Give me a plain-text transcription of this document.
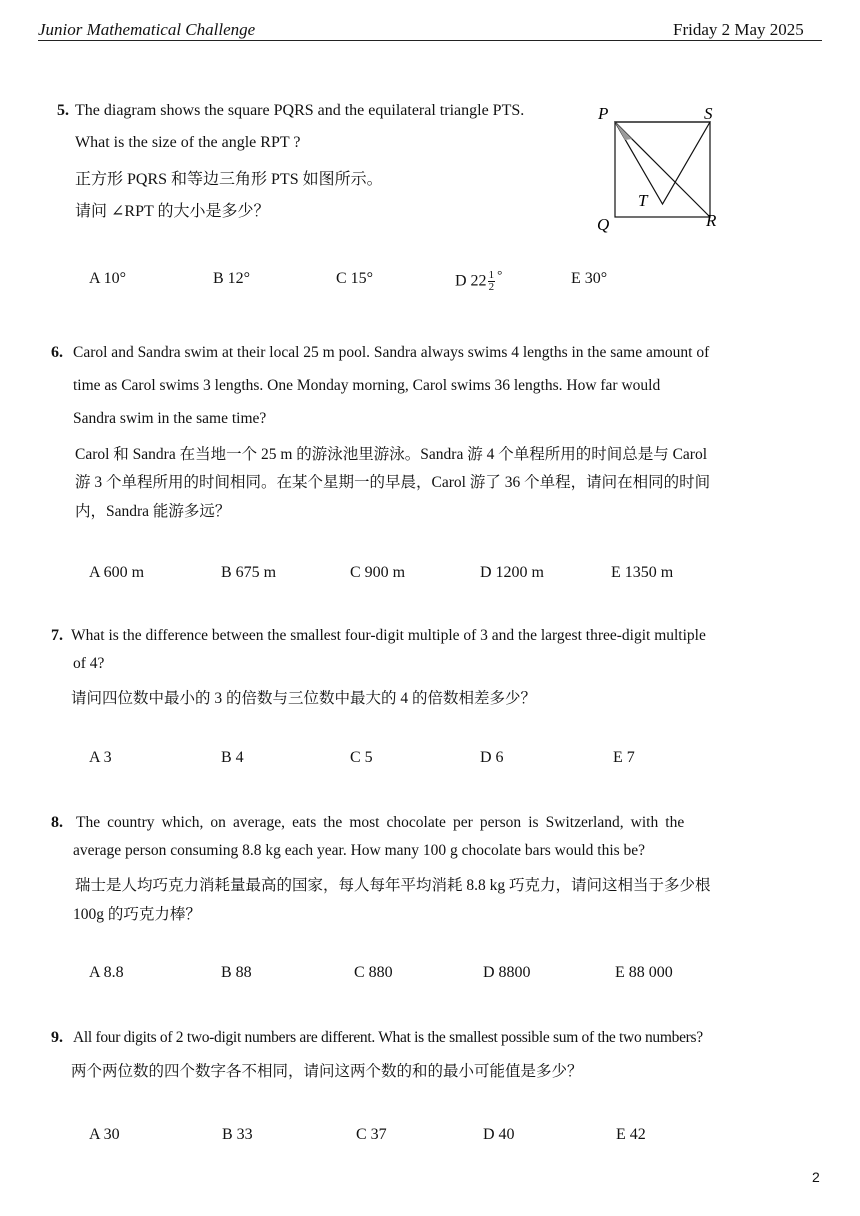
Junior Mathematical Challenge	Friday 2 May 2025
5. The diagram shows the square PQRS and the equilateral triangle PTS.
What is the size of the angle RPT ?
正方形 PQRS 和等边三角形 PTS 如图所示。
请问 ∠RPT 的大小是多少？
P	S
Q	R
T
A 10°	B 12°	C 15°	D $22 \frac{1}{2} ^\circ$	E 30°
6. Carol and Sandra swim at their local 25 m pool. Sandra always swims 4 lengths in the same amount of
time as Carol swims 3 lengths. One Monday morning, Carol swims 36 lengths. How far would
Sandra swim in the same time?
Carol 和 Sandra 在当地一个 25 m 的游泳池里游泳。Sandra 游 4 个单程所用的时间总是与 Carol
游 3 个单程所用的时间相同。在某个星期一的早晨，Carol 游了 36 个单程，请问在相同的时间
内，Sandra 能游多远？
A 600 m	B 675 m	C 900 m	D 1200 m	E 1350 m
7. What is the difference between the smallest four-digit multiple of 3 and the largest three-digit multiple
of 4?
请问四位数中最小的 3 的倍数与三位数中最大的 4 的倍数相差多少？
A 3	B 4	C 5	D 6	E 7
8. The country which, on average, eats the most chocolate per person is Switzerland, with the
average person consuming 8.8 kg each year. How many 100 g chocolate bars would this be?
瑞士是人均巧克力消耗量最高的国家，每人每年平均消耗 8.8 kg 巧克力，请问这相当于多少根
100g 的巧克力棒？
A 8.8	B 88	C 880	D 8800	E 88 000
9. All four digits of 2 two-digit numbers are different. What is the smallest possible sum of the two numbers?
两个两位数的四个数字各不相同，请问这两个数的和的最小可能值是多少？
A 30	B 33	C 37	D 40	E 42
2
